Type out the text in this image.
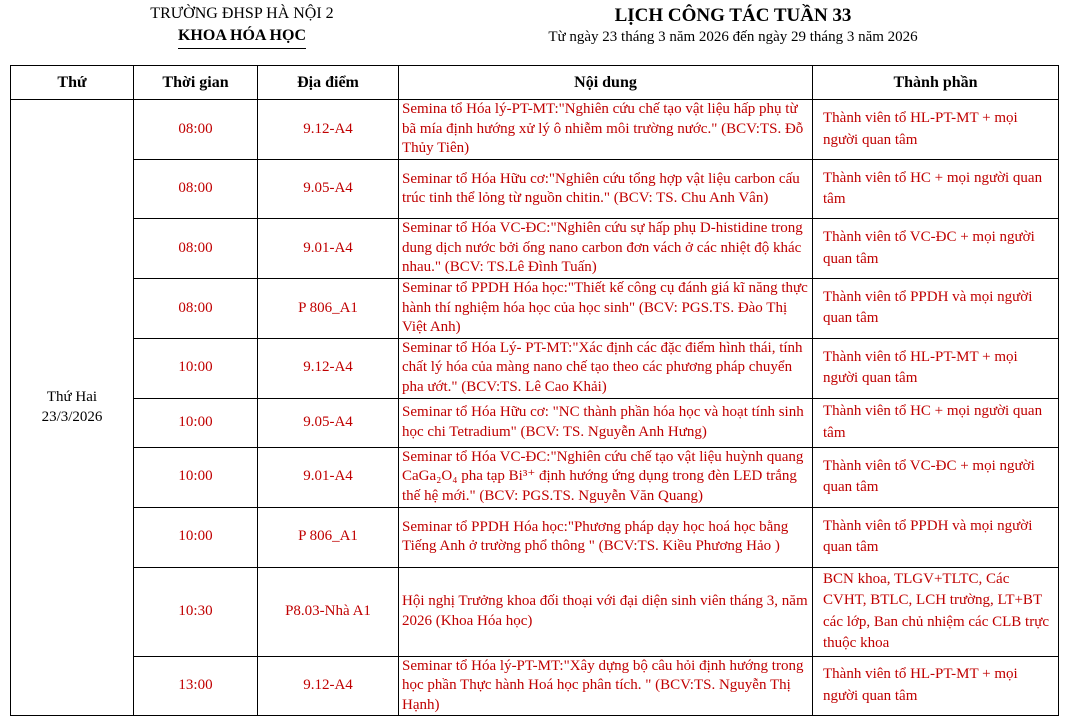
TRƯỜNG ĐHSP HÀ NỘI 2
KHOA HÓA HỌC
LỊCH CÔNG TÁC TUẦN 33
Từ ngày 23 tháng 3 năm 2026 đến ngày 29 tháng 3 năm 2026
Thứ	Thời gian	Địa điểm	Nội dung	Thành phần

Thứ Hai
23/3/2026	08:00	9.12-A4	Semina tổ Hóa lý-PT-MT:"Nghiên cứu chế tạo vật liệu hấp phụ từ bã mía định hướng xử lý ô nhiễm môi trường nước." (BCV:TS. Đỗ Thủy Tiên)	Thành viên tổ HL-PT-MT + mọi người quan tâm
	08:00	9.05-A4	Seminar tổ Hóa Hữu cơ:"Nghiên cứu tổng hợp vật liệu carbon cấu trúc tinh thể lỏng từ nguồn chitin." (BCV: TS. Chu Anh Vân)	Thành viên tổ HC + mọi người quan tâm
	08:00	9.01-A4	Seminar tổ Hóa VC-ĐC:"Nghiên cứu sự hấp phụ D-histidine trong dung dịch nước bởi ống nano carbon đơn vách ở các nhiệt độ khác nhau." (BCV: TS.Lê Đình Tuấn)	Thành viên tổ VC-ĐC + mọi người quan tâm
	08:00	P 806_A1	Seminar tổ PPDH Hóa học:"Thiết kế công cụ đánh giá kĩ năng thực hành thí nghiệm hóa học của học sinh" (BCV: PGS.TS. Đào Thị Việt Anh)	Thành viên tổ PPDH và mọi người quan tâm
	10:00	9.12-A4	Seminar tổ Hóa Lý- PT-MT:"Xác định các đặc điểm hình thái, tính chất lý hóa của màng nano chế tạo theo các phương pháp chuyển pha ướt." (BCV:TS. Lê Cao Khải)	Thành viên tổ HL-PT-MT + mọi người quan tâm
	10:00	9.05-A4	Seminar tổ Hóa Hữu cơ: "NC thành phần hóa học và hoạt tính sinh học chi Tetradium" (BCV: TS. Nguyễn Anh Hưng)	Thành viên tổ HC + mọi người quan tâm
	10:00	9.01-A4	Seminar tổ Hóa VC-ĐC:"Nghiên cứu chế tạo vật liệu huỳnh quang CaGa₂O₄ pha tạp Bi³⁺ định hướng ứng dụng trong đèn LED trắng thế hệ mới." (BCV: PGS.TS. Nguyễn Văn Quang)	Thành viên tổ VC-ĐC + mọi người quan tâm
	10:00	P 806_A1	Seminar tổ PPDH Hóa học:"Phương pháp dạy học hoá học bằng Tiếng Anh ở trường phổ thông " (BCV:TS. Kiều Phương Hảo )	Thành viên tổ PPDH và mọi người quan tâm
	10:30	P8.03-Nhà A1	Hội nghị Trưởng khoa đối thoại với đại diện sinh viên tháng 3, năm 2026 (Khoa Hóa học)	BCN khoa, TLGV+TLTC, Các CVHT, BTLC, LCH trường, LT+BT các lớp, Ban chủ nhiệm các CLB trực thuộc khoa
	13:00	9.12-A4	Seminar tổ Hóa lý-PT-MT:"Xây dựng bộ câu hỏi định hướng trong học phần Thực hành Hoá học phân tích. " (BCV:TS. Nguyễn Thị Hạnh)	Thành viên tổ HL-PT-MT + mọi người quan tâm
